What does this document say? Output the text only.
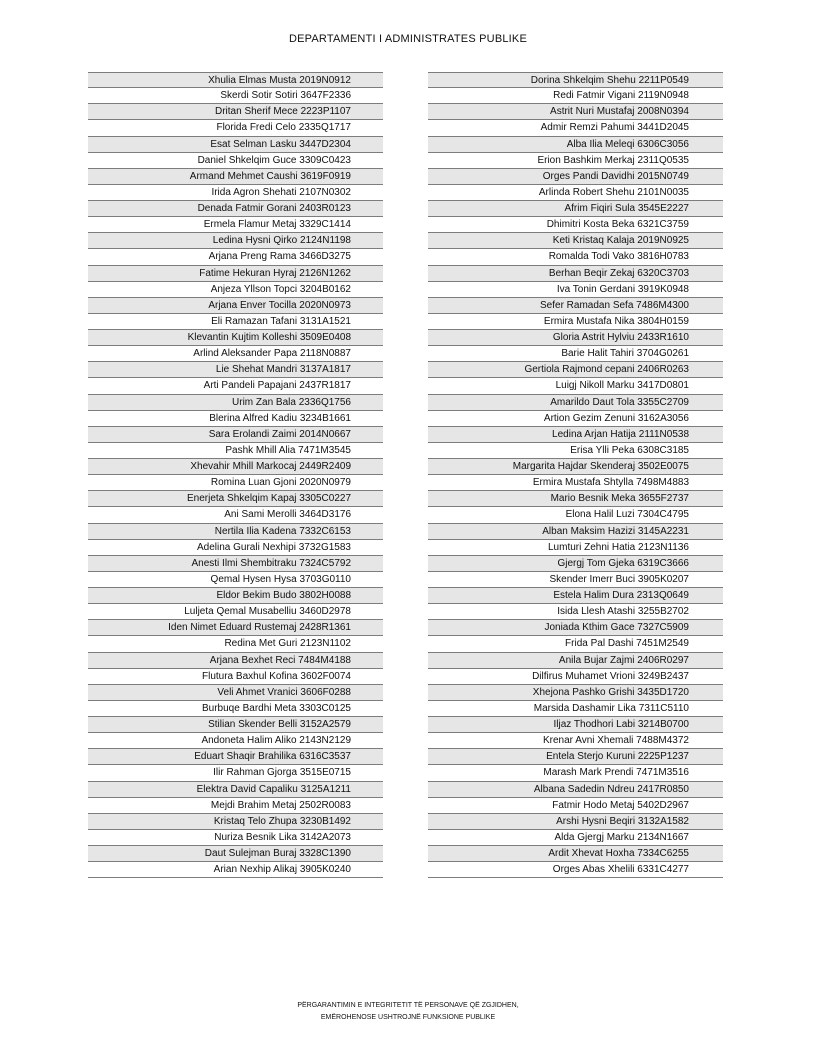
DEPARTAMENTI I ADMINISTRATES PUBLIKE
Xhulia Elmas Musta 2019N0912
Skerdi Sotir Sotiri 3647F2336
Dritan Sherif Mece 2223P1107
Florida Fredi Celo 2335Q1717
Esat Selman Lasku 3447D2304
Daniel Shkelqim Guce 3309C0423
Armand Mehmet Caushi 3619F0919
Irida Agron Shehati 2107N0302
Denada Fatmir Gorani 2403R0123
Ermela Flamur Metaj 3329C1414
Ledina Hysni Qirko 2124N1198
Arjana Preng Rama 3466D3275
Fatime Hekuran Hyraj 2126N1262
Anjeza Yllson Topci 3204B0162
Arjana Enver Tocilla 2020N0973
Eli Ramazan Tafani 3131A1521
Klevantin Kujtim Kolleshi 3509E0408
Arlind Aleksander Papa 2118N0887
Lie Shehat Mandri 3137A1817
Arti Pandeli Papajani 2437R1817
Urim Zan Bala 2336Q1756
Blerina Alfred Kadiu 3234B1661
Sara Erolandi Zaimi 2014N0667
Pashk Mhill Alia 7471M3545
Xhevahir Mhill Markocaj 2449R2409
Romina Luan Gjoni 2020N0979
Enerjeta Shkelqim Kapaj 3305C0227
Ani Sami Merolli 3464D3176
Nertila Ilia Kadena 7332C6153
Adelina Gurali Nexhipi 3732G1583
Anesti Ilmi Shembitraku 7324C5792
Qemal Hysen Hysa 3703G0110
Eldor Bekim Budo 3802H0088
Luljeta Qemal Musabelliu 3460D2978
Iden Nimet Eduard Rustemaj 2428R1361
Redina Met Guri 2123N1102
Arjana Bexhet Reci 7484M4188
Flutura Baxhul Kofina 3602F0074
Veli Ahmet Vranici 3606F0288
Burbuqe Bardhi Meta 3303C0125
Stilian Skender Belli 3152A2579
Andoneta Halim Aliko 2143N2129
Eduart Shaqir Brahilika 6316C3537
Ilir Rahman Gjorga 3515E0715
Elektra David Capaliku 3125A1211
Mejdi Brahim Metaj 2502R0083
Kristaq Telo Zhupa 3230B1492
Nuriza Besnik Lika 3142A2073
Daut Sulejman Buraj 3328C1390
Arian Nexhip Alikaj 3905K0240
Dorina Shkelqim Shehu 2211P0549
Redi Fatmir Vigani 2119N0948
Astrit Nuri Mustafaj 2008N0394
Admir Remzi Pahumi 3441D2045
Alba Ilia Meleqi 6306C3056
Erion Bashkim Merkaj 2311Q0535
Orges Pandi Davidhi 2015N0749
Arlinda Robert Shehu 2101N0035
Afrim Fiqiri Sula 3545E2227
Dhimitri Kosta Beka 6321C3759
Keti Kristaq Kalaja 2019N0925
Romalda Todi Vako 3816H0783
Berhan Beqir Zekaj 6320C3703
Iva Tonin Gerdani 3919K0948
Sefer Ramadan Sefa 7486M4300
Ermira Mustafa Nika 3804H0159
Gloria Astrit Hylviu 2433R1610
Barie Halit Tahiri 3704G0261
Gertiola Rajmond cepani 2406R0263
Luigj Nikoll Marku 3417D0801
Amarildo Daut Tola 3355C2709
Artion Gezim Zenuni 3162A3056
Ledina Arjan Hatija 2111N0538
Erisa Ylli Peka 6308C3185
Margarita Hajdar Skenderaj 3502E0075
Ermira Mustafa Shtylla 7498M4883
Mario Besnik Meka 3655F2737
Elona Halil Luzi 7304C4795
Alban Maksim Hazizi 3145A2231
Lumturi Zehni Hatia 2123N1136
Gjergj Tom Gjeka 6319C3666
Skender Imerr Buci 3905K0207
Estela Halim Dura 2313Q0649
Isida Llesh Atashi 3255B2702
Joniada Kthim Gace 7327C5909
Frida Pal Dashi 7451M2549
Anila Bujar Zajmi 2406R0297
Dilfirus Muhamet Vrioni 3249B2437
Xhejona Pashko Grishi 3435D1720
Marsida Dashamir Lika 7311C5110
Iljaz Thodhori Labi 3214B0700
Krenar Avni Xhemali 7488M4372
Entela Sterjo Kuruni 2225P1237
Marash Mark Prendi 7471M3516
Albana Sadedin Ndreu 2417R0850
Fatmir Hodo Metaj 5402D2967
Arshi Hysni Beqiri 3132A1582
Alda Gjergj Marku 2134N1667
Ardit Xhevat Hoxha 7334C6255
Orges Abas Xhelili 6331C4277
PËRGARANTIMIN E INTEGRITETIT TË PERSONAVE QË ZGJIDHEN,
EMËROHENOSE USHTROJNË FUNKSIONE PUBLIKE
